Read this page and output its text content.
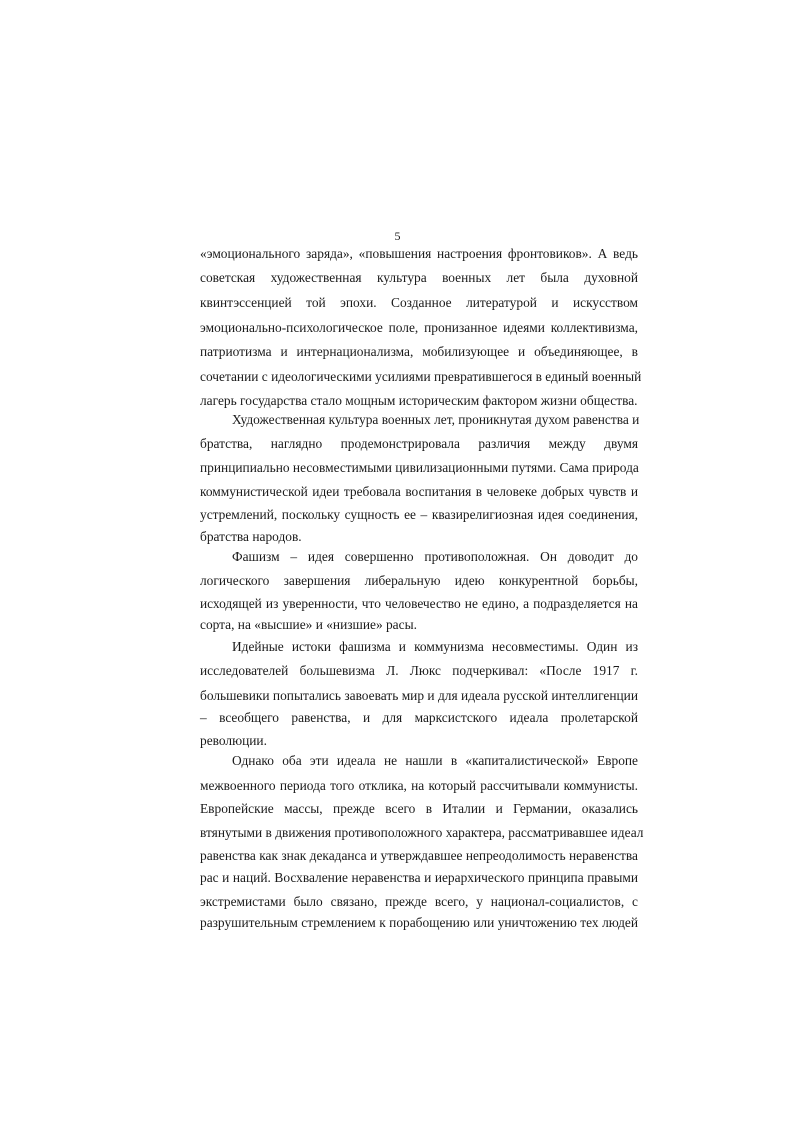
5
«эмоционального заряда», «повышения настроения фронтовиков». А ведь
советская художественная культура военных лет была духовной
квинтэссенцией той эпохи. Созданное литературой и искусством
эмоционально-психологическое поле, пронизанное идеями коллективизма,
патриотизма и интернационализма, мобилизующее и объединяющее, в
сочетании с идеологическими усилиями превратившегося в единый военный
лагерь государства стало мощным историческим фактором жизни общества.
Художественная культура военных лет, проникнутая духом равенства и
братства, наглядно продемонстрировала различия между двумя
принципиально несовместимыми цивилизационными путями. Сама природа
коммунистической идеи требовала воспитания в человеке добрых чувств и
устремлений, поскольку сущность ее – квазирелигиозная идея соединения,
братства народов.
Фашизм – идея совершенно противоположная. Он доводит до
логического завершения либеральную идею конкурентной борьбы,
исходящей из уверенности, что человечество не едино, а подразделяется на
сорта, на «высшие» и «низшие» расы.
Идейные истоки фашизма и коммунизма несовместимы. Один из
исследователей большевизма Л. Люкс подчеркивал: «После 1917 г.
большевики попытались завоевать мир и для идеала русской интеллигенции
– всеобщего равенства, и для марксистского идеала пролетарской
революции.
Однако оба эти идеала не нашли в «капиталистической» Европе
межвоенного периода того отклика, на который рассчитывали коммунисты.
Европейские массы, прежде всего в Италии и Германии, оказались
втянутыми в движения противоположного характера, рассматривавшее идеал
равенства как знак декаданса и утверждавшее непреодолимость неравенства
рас и наций. Восхваление неравенства и иерархического принципа правыми
экстремистами было связано, прежде всего, у национал-социалистов, с
разрушительным стремлением к порабощению или уничтожению тех людей
